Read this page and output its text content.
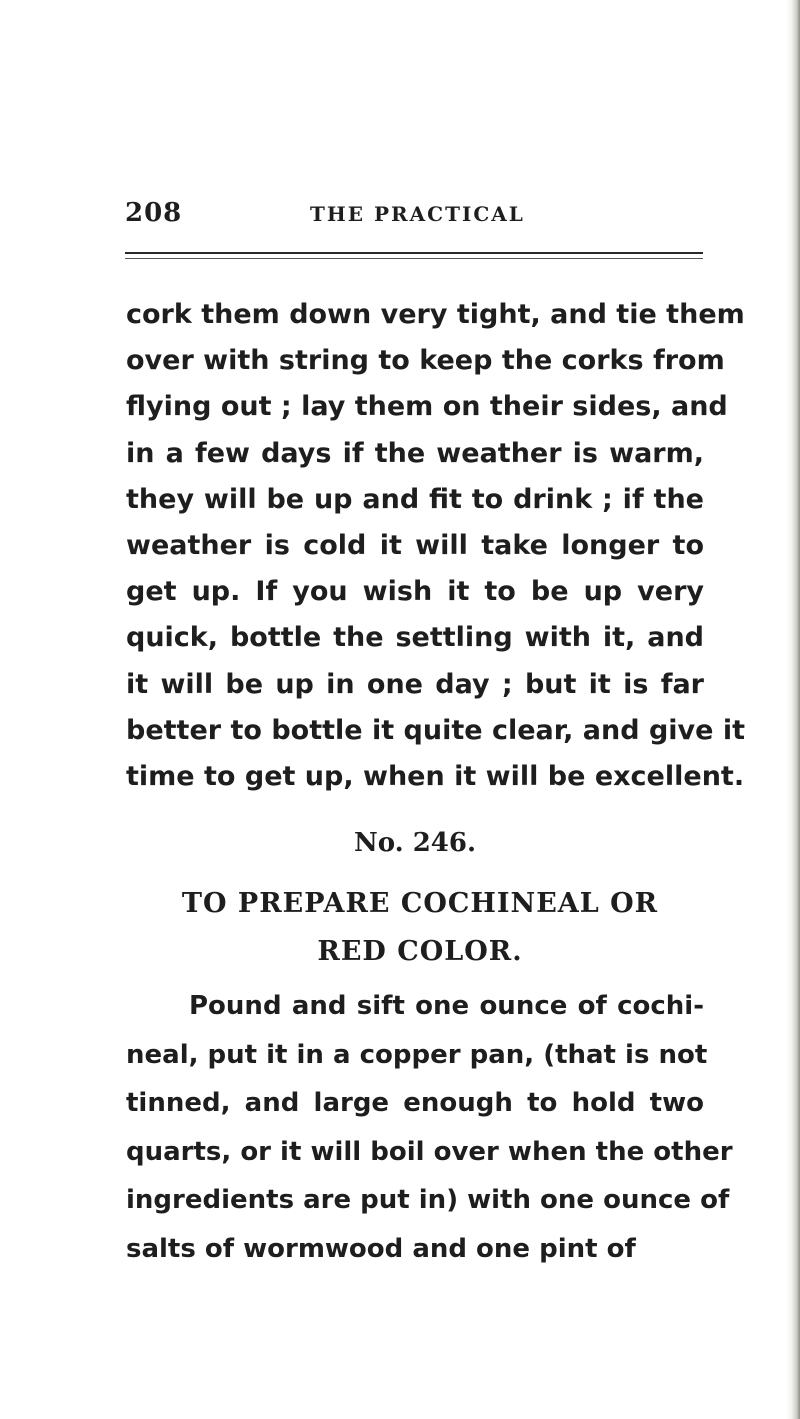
208	THE PRACTICAL

cork them down very tight, and tie them
over with string to keep the corks from
flying out ; lay them on their sides, and
in a few days if the weather is warm,
they will be up and fit to drink ; if the
weather is cold it will take longer to
get up. If you wish it to be up very
quick, bottle the settling with it, and
it will be up in one day ; but it is far
better to bottle it quite clear, and give it
time to get up, when it will be excellent.

No. 246.
TO PREPARE COCHINEAL OR
RED COLOR.

Pound and sift one ounce of cochi-
neal, put it in a copper pan, (that is not
tinned, and large enough to hold two
quarts, or it will boil over when the other
ingredients are put in) with one ounce of
salts of wormwood and one pint of
